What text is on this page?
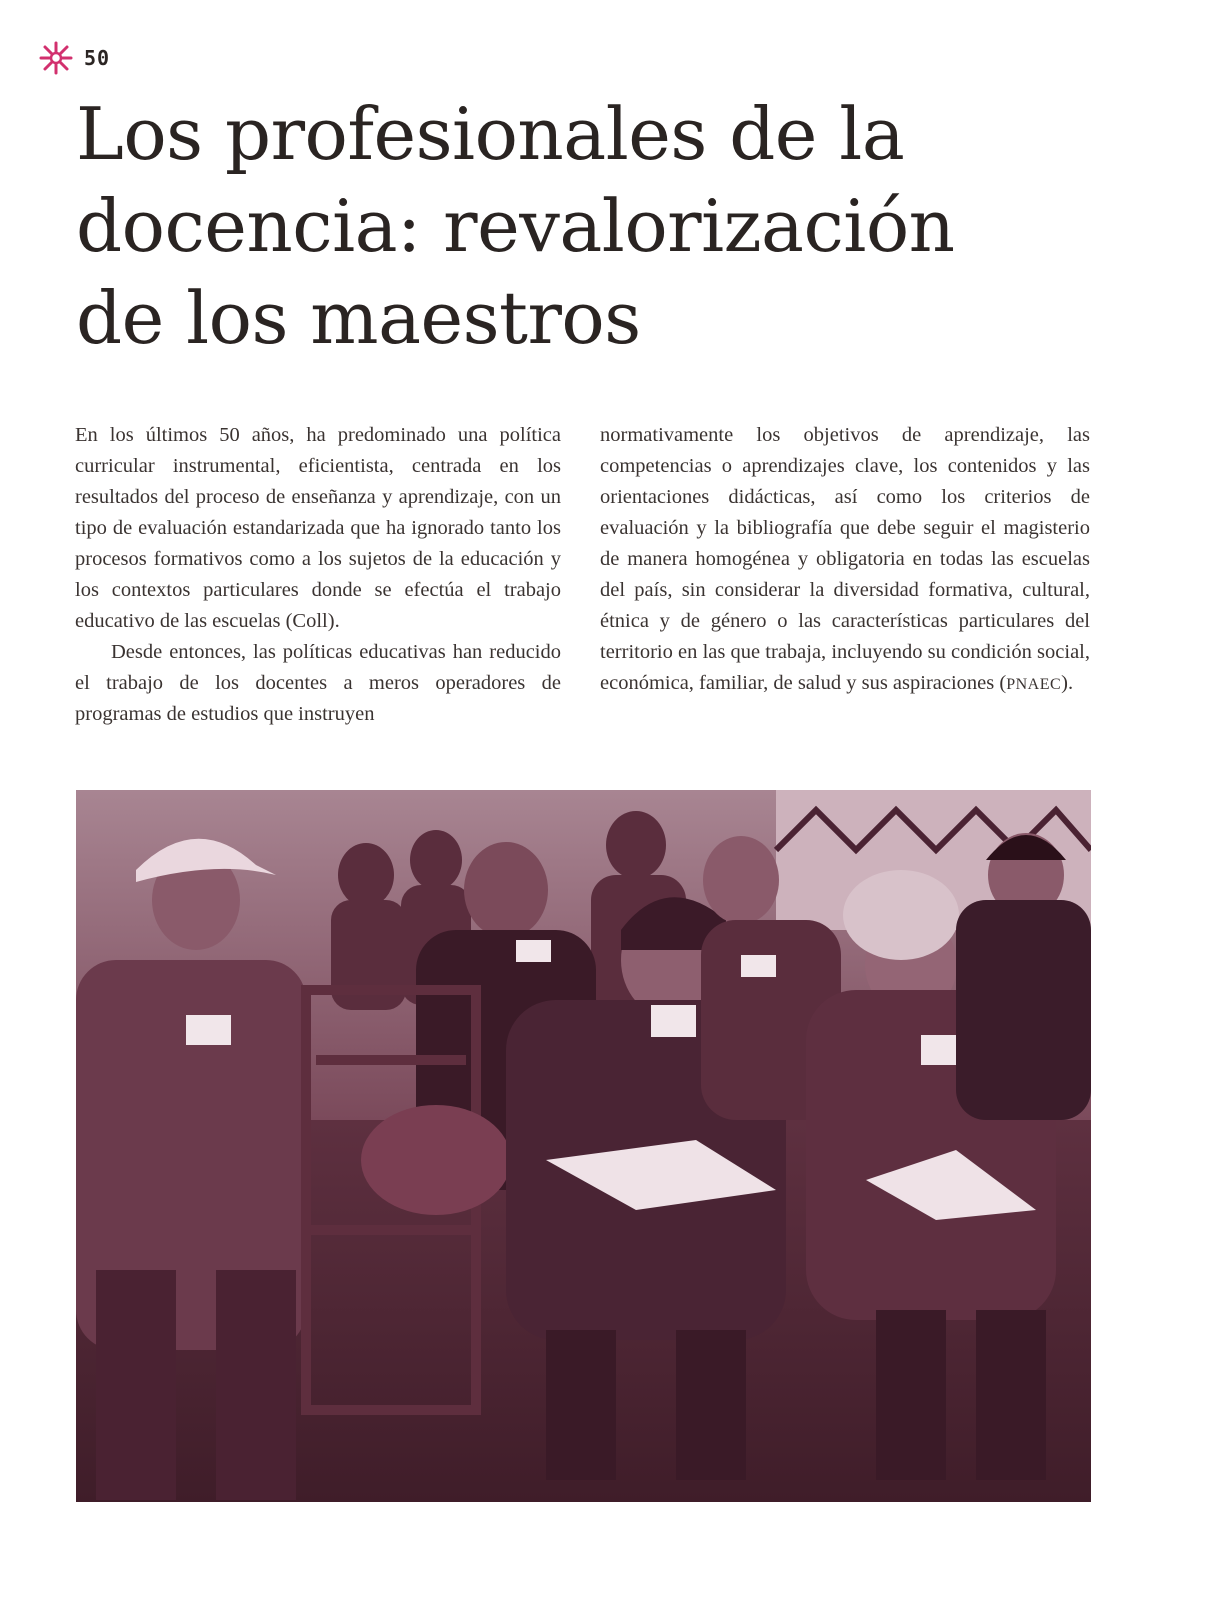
50
Los profesionales de la
docencia: revalorización
de los maestros

En los últimos 50 años, ha predominado una política curricular instrumental, eficientista, centrada en los resultados del proceso de enseñanza y aprendizaje, con un tipo de evaluación estandarizada que ha ignorado tanto los procesos formativos como a los sujetos de la educación y los contextos particulares donde se efectúa el trabajo educativo de las escuelas (Coll).

Desde entonces, las políticas educativas han reducido el trabajo de los docentes a meros operadores de programas de estudios que instruyen

normativamente los objetivos de aprendizaje, las competencias o aprendizajes clave, los contenidos y las orientaciones didácticas, así como los criterios de evaluación y la bibliografía que debe seguir el magisterio de manera homogénea y obligatoria en todas las escuelas del país, sin considerar la diversidad formativa, cultural, étnica y de género o las características particulares del territorio en las que trabaja, incluyendo su condición social, económica, familiar, de salud y sus aspiraciones (PNAEC).
